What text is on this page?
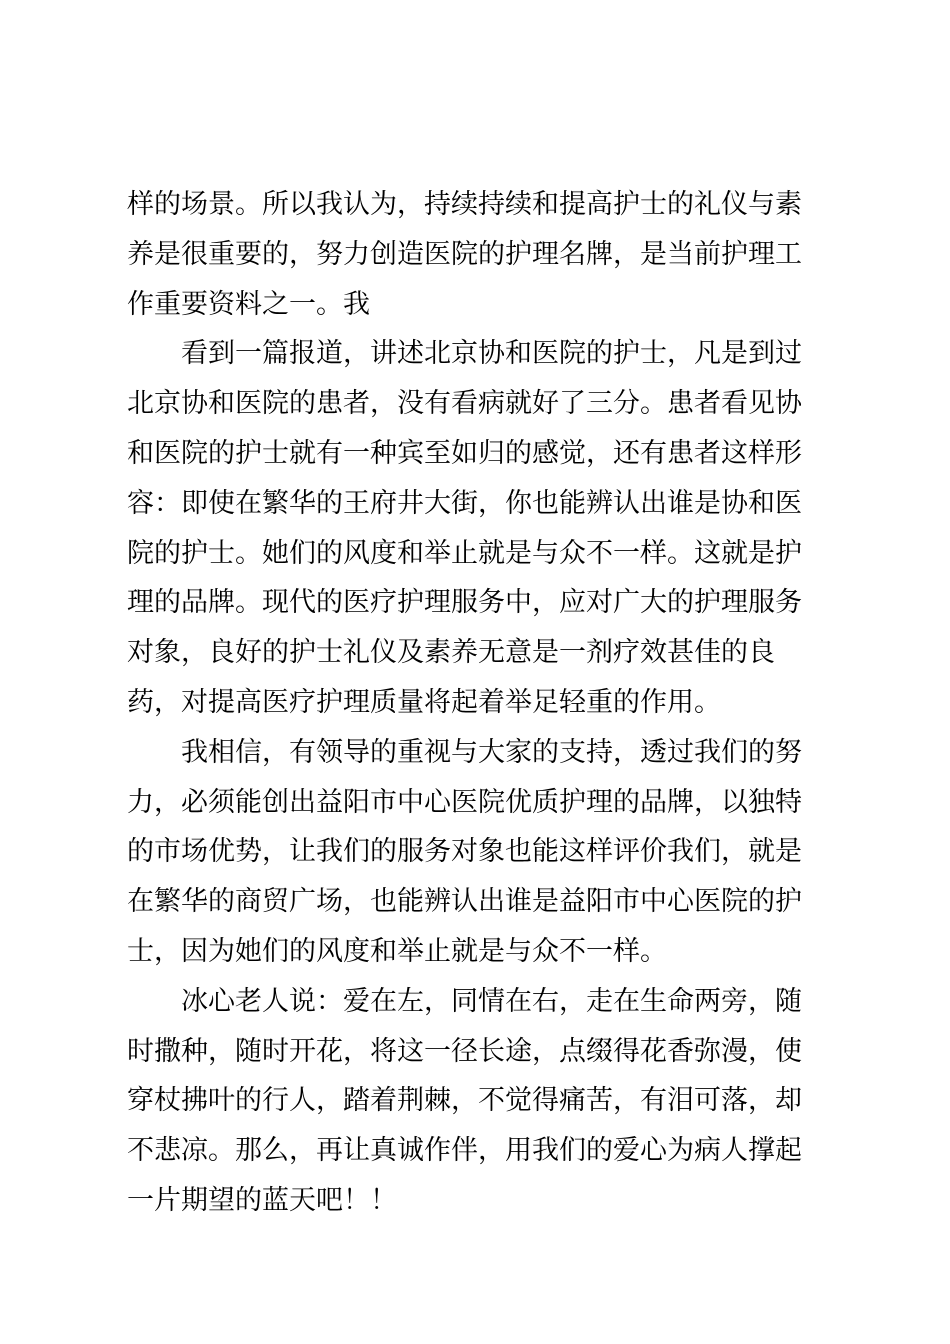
样的场景。所以我认为，持续持续和提高护士的礼仪与素养是很重要的，努力创造医院的护理名牌，是当前护理工作重要资料之一。我

看到一篇报道，讲述北京协和医院的护士，凡是到过北京协和医院的患者，没有看病就好了三分。患者看见协和医院的护士就有一种宾至如归的感觉，还有患者这样形容：即使在繁华的王府井大街，你也能辨认出谁是协和医院的护士。她们的风度和举止就是与众不一样。这就是护理的品牌。现代的医疗护理服务中，应对广大的护理服务对象，良好的护士礼仪及素养无意是一剂疗效甚佳的良药，对提高医疗护理质量将起着举足轻重的作用。

我相信，有领导的重视与大家的支持，透过我们的努力，必须能创出益阳市中心医院优质护理的品牌，以独特的市场优势，让我们的服务对象也能这样评价我们，就是在繁华的商贸广场，也能辨认出谁是益阳市中心医院的护士，因为她们的风度和举止就是与众不一样。

冰心老人说：爱在左，同情在右，走在生命两旁，随时撒种，随时开花，将这一径长途，点缀得花香弥漫，使穿杖拂叶的行人，踏着荆棘，不觉得痛苦，有泪可落，却不悲凉。那么，再让真诚作伴，用我们的爱心为病人撑起一片期望的蓝天吧！！
